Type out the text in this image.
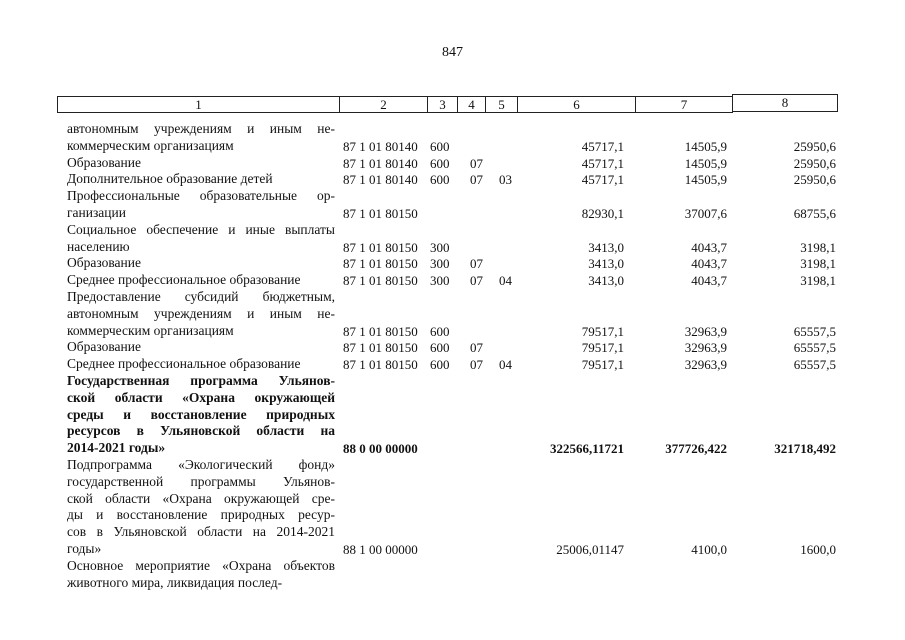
847
1	2	3	4	5	6	7	8
автономным учреждениям и иным не-
коммерческим организациям	87 1 01 80140 600	45717,1	14505,9	25950,6
Образование	87 1 01 80140 600 07	45717,1	14505,9	25950,6
Дополнительное образование детей	87 1 01 80140 600 07 03	45717,1	14505,9	25950,6
Профессиональные образовательные ор-
ганизации	87 1 01 80150	82930,1	37007,6	68755,6
Социальное обеспечение и иные выплаты
населению	87 1 01 80150 300	3413,0	4043,7	3198,1
Образование	87 1 01 80150 300 07	3413,0	4043,7	3198,1
Среднее профессиональное образование	87 1 01 80150 300 07 04	3413,0	4043,7	3198,1
Предоставление субсидий бюджетным,
автономным учреждениям и иным не-
коммерческим организациям	87 1 01 80150 600	79517,1	32963,9	65557,5
Образование	87 1 01 80150 600 07	79517,1	32963,9	65557,5
Среднее профессиональное образование	87 1 01 80150 600 07 04	79517,1	32963,9	65557,5
Государственная программа Ульянов-
ской области «Охрана окружающей
среды и восстановление природных
ресурсов в Ульяновской области на
2014-2021 годы»	88 0 00 00000	322566,11721	377726,422	321718,492
Подпрограмма «Экологический фонд»
государственной программы Ульянов-
ской области «Охрана окружающей сре-
ды и восстановление природных ресур-
сов в Ульяновской области на 2014-2021
годы»	88 1 00 00000	25006,01147	4100,0	1600,0
Основное мероприятие «Охрана объектов
животного мира, ликвидация послед-
